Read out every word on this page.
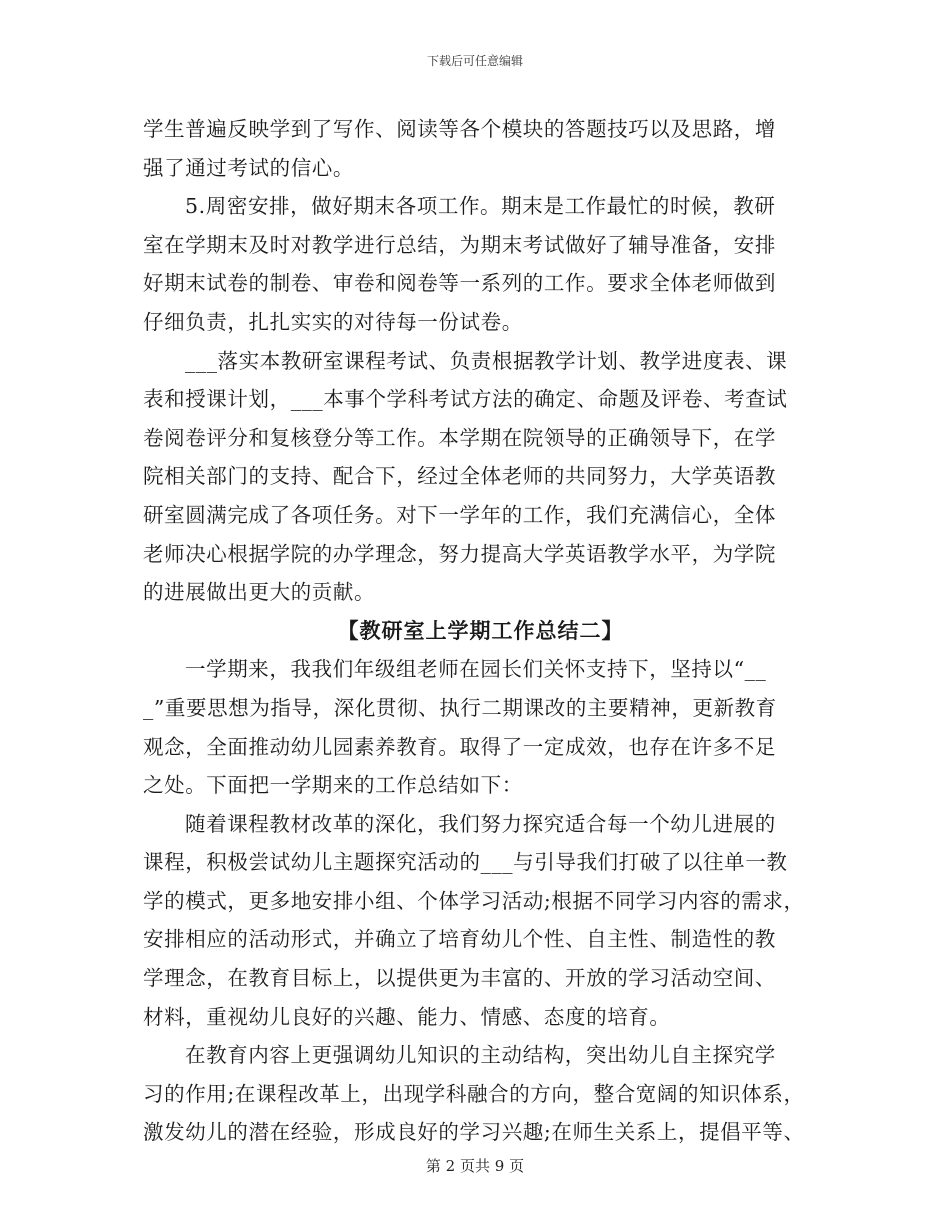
下载后可任意编辑
学生普遍反映学到了写作、阅读等各个模块的答题技巧以及思路，增
强了通过考试的信心。
5.周密安排，做好期末各项工作。期末是工作最忙的时候，教研
室在学期末及时对教学进行总结，为期末考试做好了辅导准备，安排
好期末试卷的制卷、审卷和阅卷等一系列的工作。要求全体老师做到
仔细负责，扎扎实实的对待每一份试卷。
___落实本教研室课程考试、负责根据教学计划、教学进度表、课
表和授课计划，___本事个学科考试方法的确定、命题及评卷、考查试
卷阅卷评分和复核登分等工作。本学期在院领导的正确领导下，在学
院相关部门的支持、配合下，经过全体老师的共同努力，大学英语教
研室圆满完成了各项任务。对下一学年的工作，我们充满信心，全体
老师决心根据学院的办学理念，努力提高大学英语教学水平，为学院
的进展做出更大的贡献。
【教研室上学期工作总结二】
一学期来，我我们年级组老师在园长们关怀支持下，坚持以“__
_”重要思想为指导，深化贯彻、执行二期课改的主要精神，更新教育
观念，全面推动幼儿园素养教育。取得了一定成效，也存在许多不足
之处。下面把一学期来的工作总结如下：
随着课程教材改革的深化，我们努力探究适合每一个幼儿进展的
课程，积极尝试幼儿主题探究活动的___与引导我们打破了以往单一教
学的模式，更多地安排小组、个体学习活动;根据不同学习内容的需求，
安排相应的活动形式，并确立了培育幼儿个性、自主性、制造性的教
学理念，在教育目标上，以提供更为丰富的、开放的学习活动空间、
材料，重视幼儿良好的兴趣、能力、情感、态度的培育。
在教育内容上更强调幼儿知识的主动结构，突出幼儿自主探究学
习的作用;在课程改革上，出现学科融合的方向，整合宽阔的知识体系，
激发幼儿的潜在经验，形成良好的学习兴趣;在师生关系上，提倡平等、
第 2 页共 9 页
